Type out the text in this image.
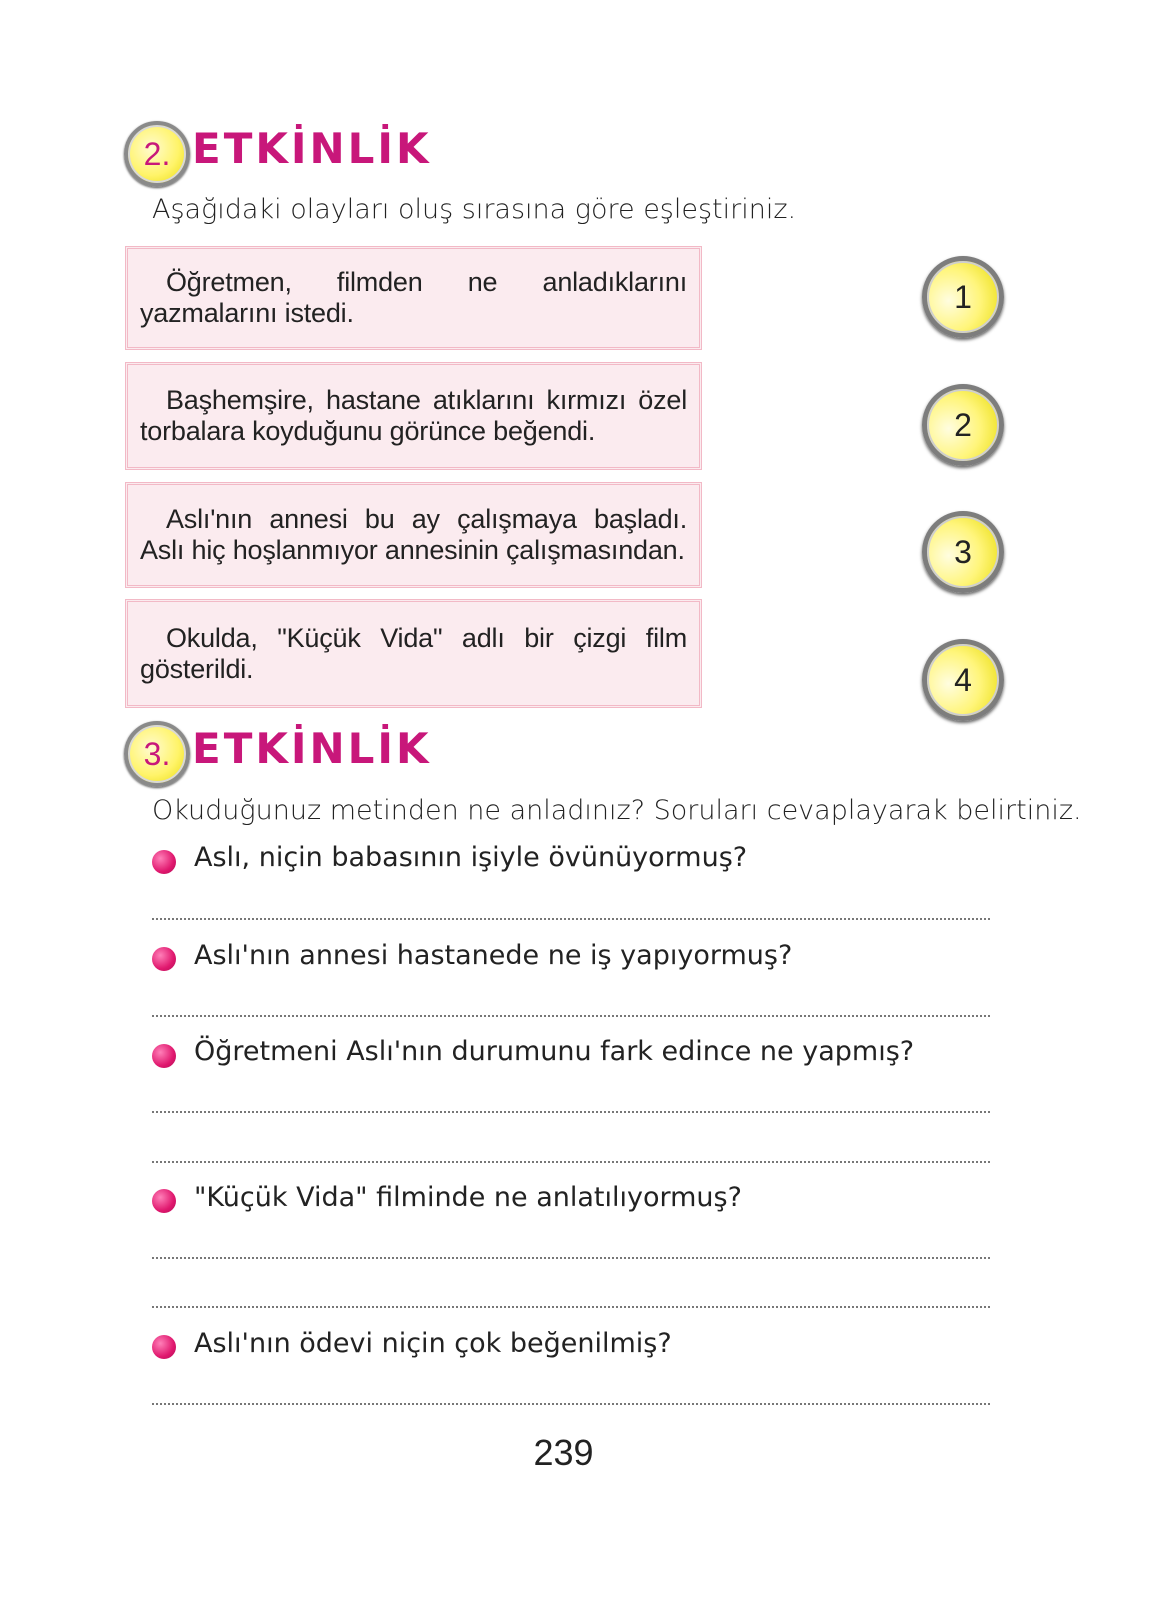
2. ETKİNLİK
Aşağıdaki olayları oluş sırasına göre eşleştiriniz.
Öğretmen, filmden ne anladıklarını yazmalarını istedi.
Başhemşire, hastane atıklarını kırmızı özel torbalara koyduğunu görünce beğendi.
Aslı'nın annesi bu ay çalışmaya başladı. Aslı hiç hoşlanmıyor annesinin çalışmasından.
Okulda, "Küçük Vida" adlı bir çizgi film gösterildi.
1
2
3
4
3. ETKİNLİK
Okuduğunuz metinden ne anladınız? Soruları cevaplayarak belirtiniz.
Aslı, niçin babasının işiyle övünüyormuş?
Aslı'nın annesi hastanede ne iş yapıyormuş?
Öğretmeni Aslı'nın durumunu fark edince ne yapmış?
"Küçük Vida" filminde ne anlatılıyormuş?
Aslı'nın ödevi niçin çok beğenilmiş?
239
